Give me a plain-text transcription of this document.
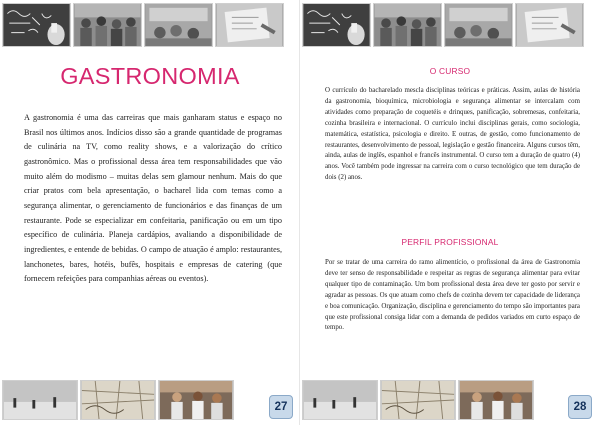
GASTRONOMIA
A gastronomia é uma das carreiras que mais ganharam status e espaço no Brasil nos últimos anos. Indícios disso são a grande quantidade de programas de culinária na TV, como reality shows, e a valorização do crítico gastronômico. Mas o profissional dessa área tem responsabilidades que vão muito além do modismo – muitas delas sem glamour nenhum. Mais do que criar pratos com bela apresentação, o bacharel lida com temas como a segurança alimentar, o gerenciamento de funcionários e das finanças de um restaurante. Pode se especializar em confeitaria, panificação ou em um tipo específico de culinária. Planeja cardápios, avaliando a disponibilidade de ingredientes, e entende de bebidas. O campo de atuação é amplo: restaurantes, lanchonetes, bares, hotéis, bufês, hospitais e empresas de catering (que fornecem refeições para companhias aéreas ou eventos).
27
O CURSO
O currículo do bacharelado mescla disciplinas teóricas e práticas. Assim, aulas de história da gastronomia, bioquímica, microbiologia e segurança alimentar se intercalam com atividades como preparação de coquetéis e drinques, panificação, sobremesas, confeitaria, cozinha brasileira e internacional. O currículo inclui disciplinas gerais, como sociologia, matemática, estatística, psicologia e direito. E outras, de gestão, como funcionamento de restaurantes, desenvolvimento de pessoal, legislação e gestão financeira. Alguns cursos têm, ainda, aulas de inglês, espanhol e francês instrumental. O curso tem a duração de quatro (4) anos. Você também pode ingressar na carreira com o curso tecnológico que tem duração de dois (2) anos.
PERFIL PROFISSIONAL
Por se tratar de uma carreira do ramo alimentício, o profissional da área de Gastronomia deve ter senso de responsabilidade e respeitar as regras de segurança alimentar para evitar qualquer tipo de contaminação. Um bom profissional desta área deve ter gosto por servir e agradar as pessoas. Os que atuam como chefs de cozinha devem ter capacidade de liderança e boa comunicação. Organização, disciplina e gerenciamento do tempo são importantes para que este profissional consiga lidar com a demanda de pedidos variados em curto espaço de tempo.
28
